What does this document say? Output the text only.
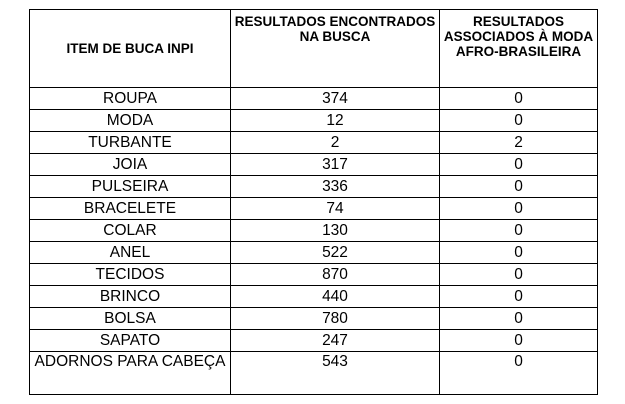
ITEM DE BUCA INPI	RESULTADOS ENCONTRADOS NA BUSCA	RESULTADOS ASSOCIADOS À MODA AFRO-BRASILEIRA
ROUPA	374	0
MODA	12	0
TURBANTE	2	2
JOIA	317	0
PULSEIRA	336	0
BRACELETE	74	0
COLAR	130	0
ANEL	522	0
TECIDOS	870	0
BRINCO	440	0
BOLSA	780	0
SAPATO	247	0
ADORNOS PARA CABEÇA	543	0
